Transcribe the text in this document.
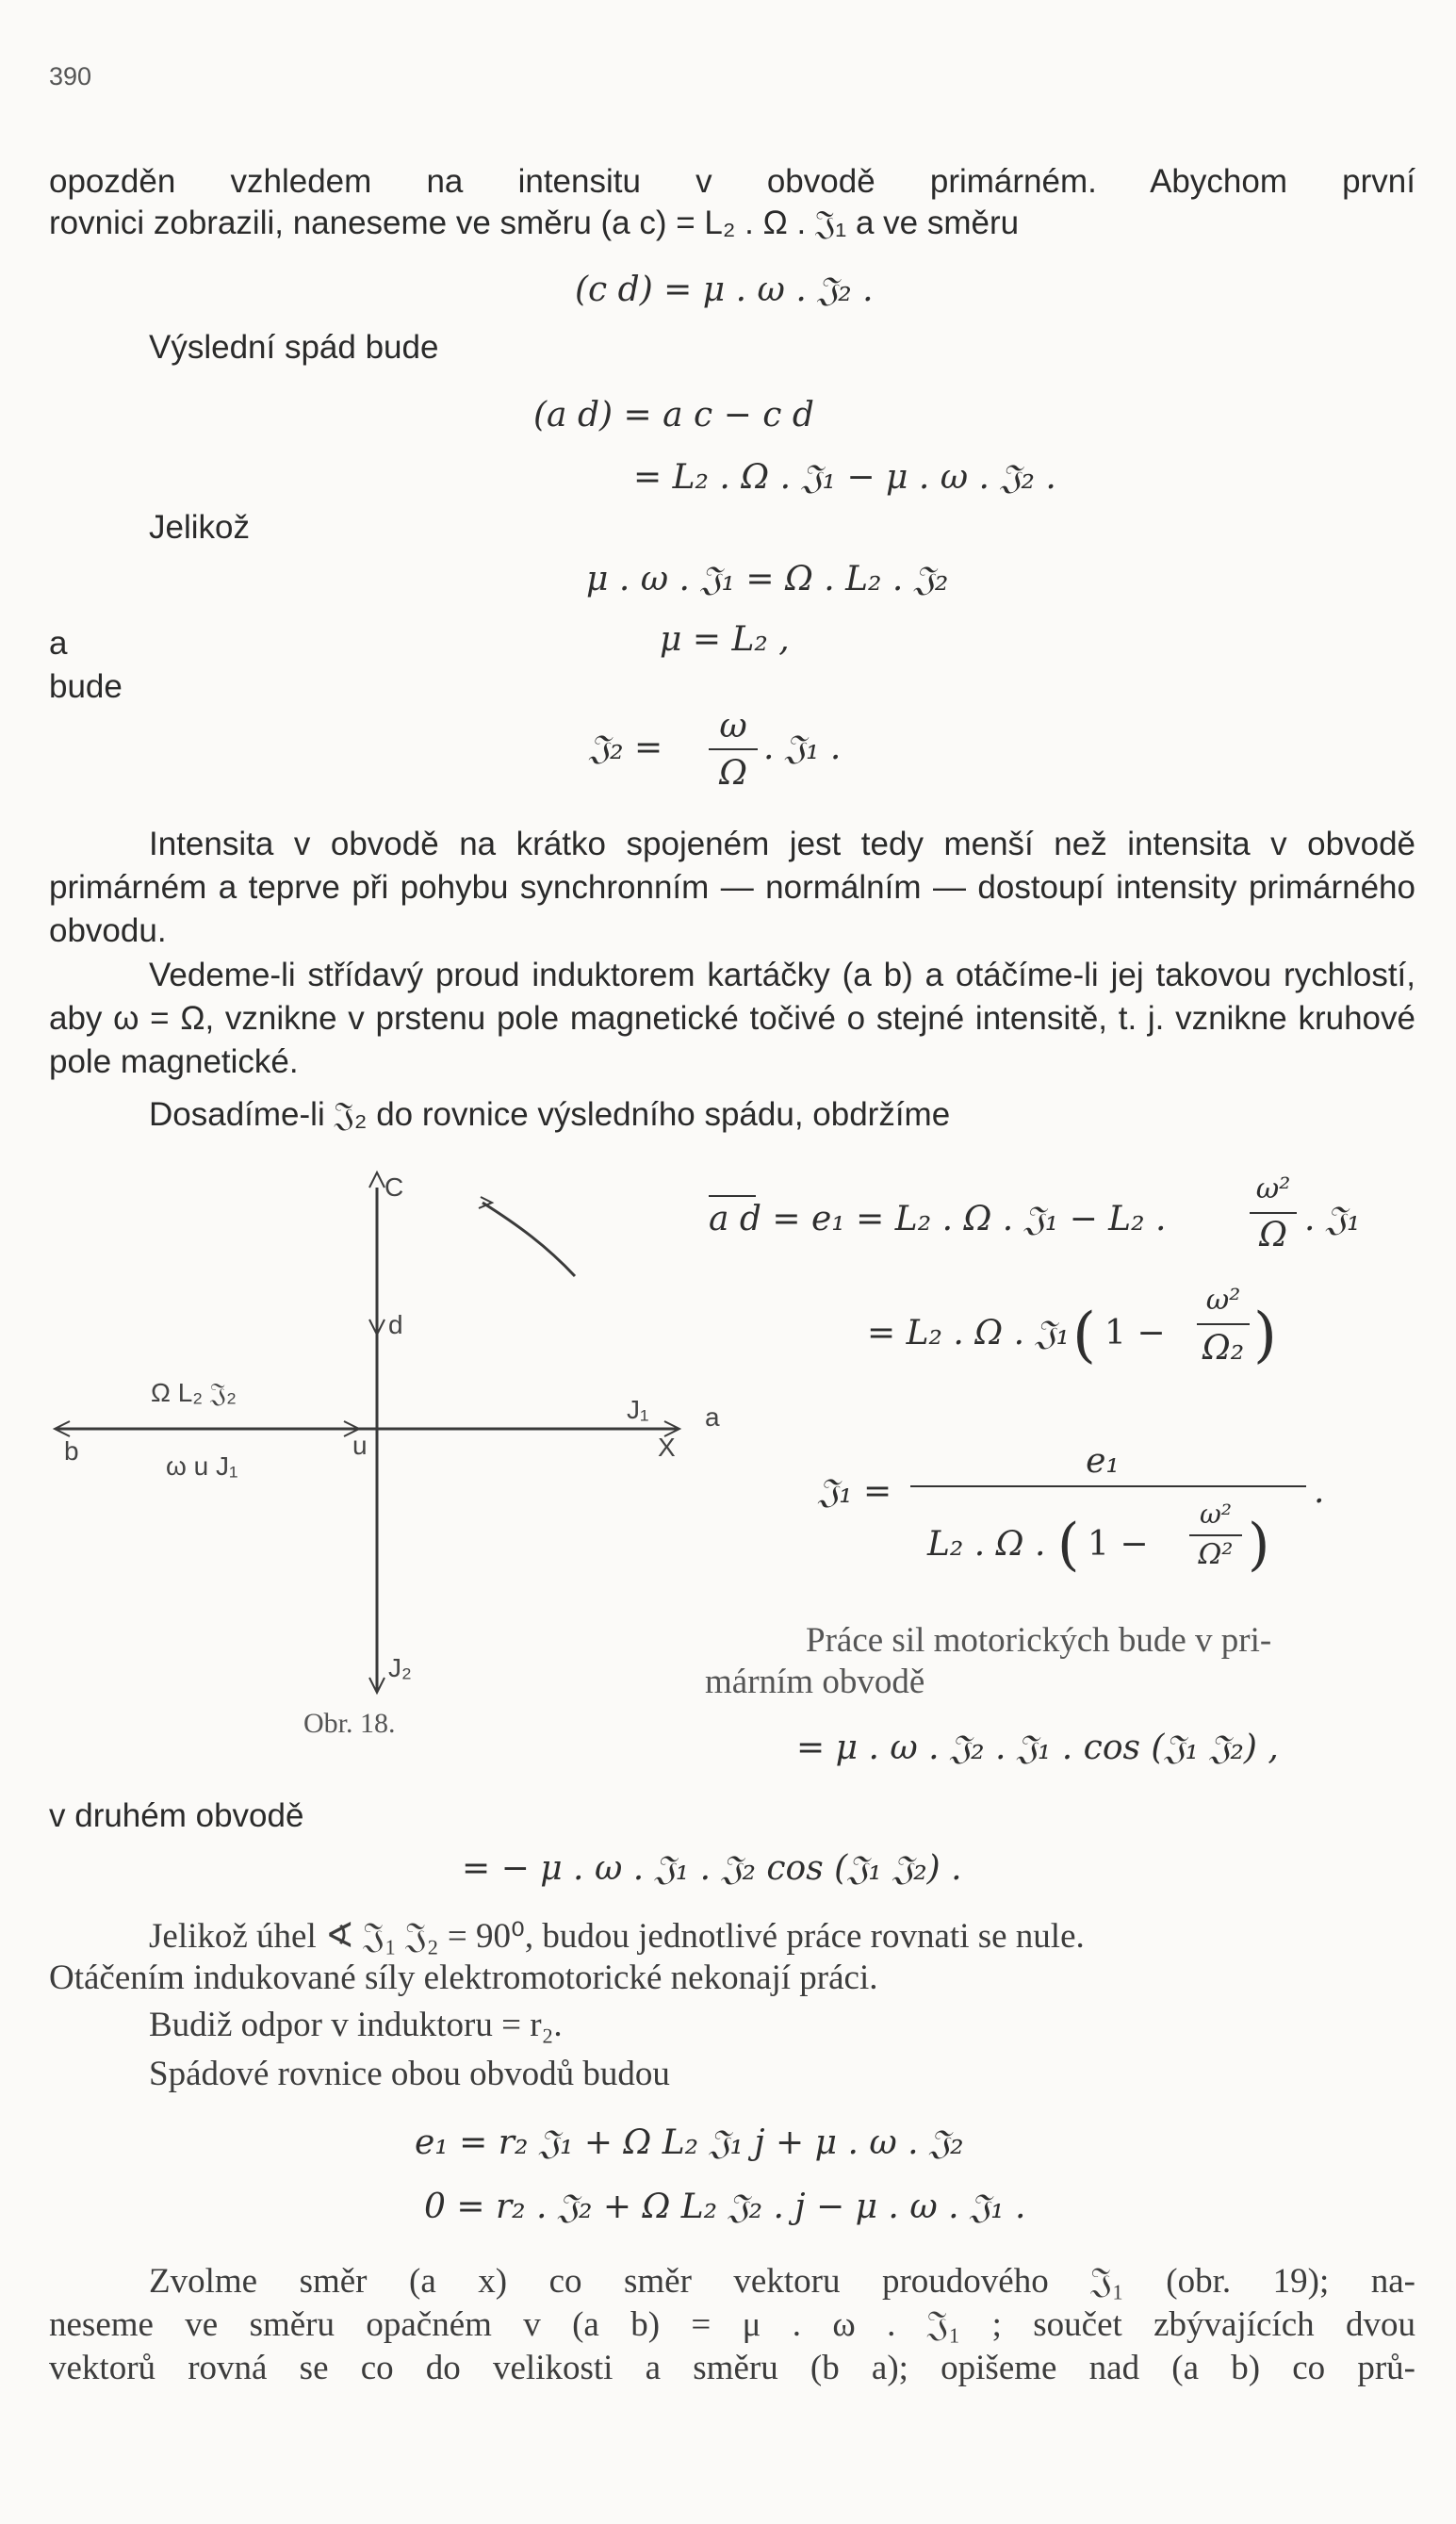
390
opozděn vzhledem na intensitu v obvodě primárném. Abychom první
rovnici zobrazili, naneseme ve směru (a c) = L₂ . Ω . 𝔍₁ a ve směru
(c d) = μ . ω . 𝔍₂ .
Výslední spád bude
(a d) = a c − c d
= L₂ . Ω . 𝔍₁ − μ . ω . 𝔍₂ .
Jelikož
μ . ω . 𝔍₁ = Ω . L₂ . 𝔍₂
a	μ = L₂ ,
bude
𝔍₂ =
ω
Ω
. 𝔍₁ .
Intensita v obvodě na krátko spojeném jest tedy menší než intensita v obvodě primárném a teprve při pohybu synchronním — normálním — dostoupí intensity primárného obvodu.
Vedeme-li střídavý proud induktorem kartáčky (a b) a otáčíme-li jej takovou rychlostí, aby ω = Ω, vznikne v prstenu pole magnetické točivé o stejné intensitě, t. j. vznikne kruhové pole magnetické.
Dosadíme-li 𝔍₂ do rovnice výsledního spádu, obdržíme
C
d
Ω L₂ 𝔍₂
J₁ a
b	X
u
ω u J₁
J₂
Obr. 18.
a d = e₁ = L₂ . Ω . 𝔍₁ − L₂ .
ω²
Ω . 𝔍₁
= L₂ . Ω . 𝔍₁ ( 1 −
ω²
Ω₂ )
𝔍₁ =
e₁
L₂ . Ω . ( 1 −
ω²
Ω² )
.
Práce sil motorických bude v pri-
márním obvodě
= μ . ω . 𝔍₂ . 𝔍₁ . cos (𝔍₁ 𝔍₂) ,
v druhém obvodě
= − μ . ω . 𝔍₁ . 𝔍₂ cos (𝔍₁ 𝔍₂) .
Jelikož úhel ∢ 𝔍₁ 𝔍₂ = 90⁰, budou jednotlivé práce rovnati se nule.
Otáčením indukované síly elektromotorické nekonají práci.
Budiž odpor v induktoru = r₂.
Spádové rovnice obou obvodů budou
e₁ = r₂ 𝔍₁ + Ω L₂ 𝔍₁ j + μ . ω . 𝔍₂
0 = r₂ . 𝔍₂ + Ω L₂ 𝔍₂ . j − μ . ω . 𝔍₁ .
Zvolme směr (a x) co směr vektoru proudového 𝔍₁ (obr. 19); na-
neseme ve směru opačném v (a b) = μ . ω . 𝔍₁ ; součet zbývajících dvou
vektorů rovná se co do velikosti a směru (b a); opišeme nad (a b) co prů-
